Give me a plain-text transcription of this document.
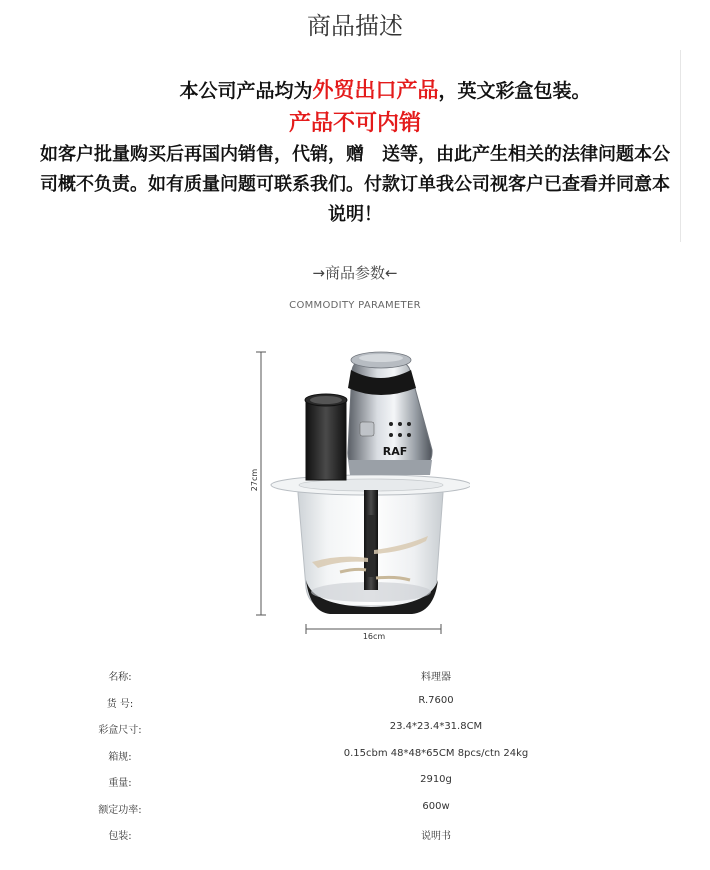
商品描述
本公司产品均为外贸出口产品，英文彩盒包装。
产品不可内销
如客户批量购买后再国内销售，代销，赠　送等，由此产生相关的法律问题本公司概不负责。如有质量问题可联系我们。付款订单我公司视客户已查看并同意本说明！
→商品参数←
COMMODITY PARAMETER
27cm
16cm
RAF
名称:	料理器
货 号:	R.7600
彩盒尺寸:	23.4*23.4*31.8CM
箱规:	0.15cbm 48*48*65CM 8pcs/ctn 24kg
重量:	2910g
额定功率:	600w
包装:	说明书
